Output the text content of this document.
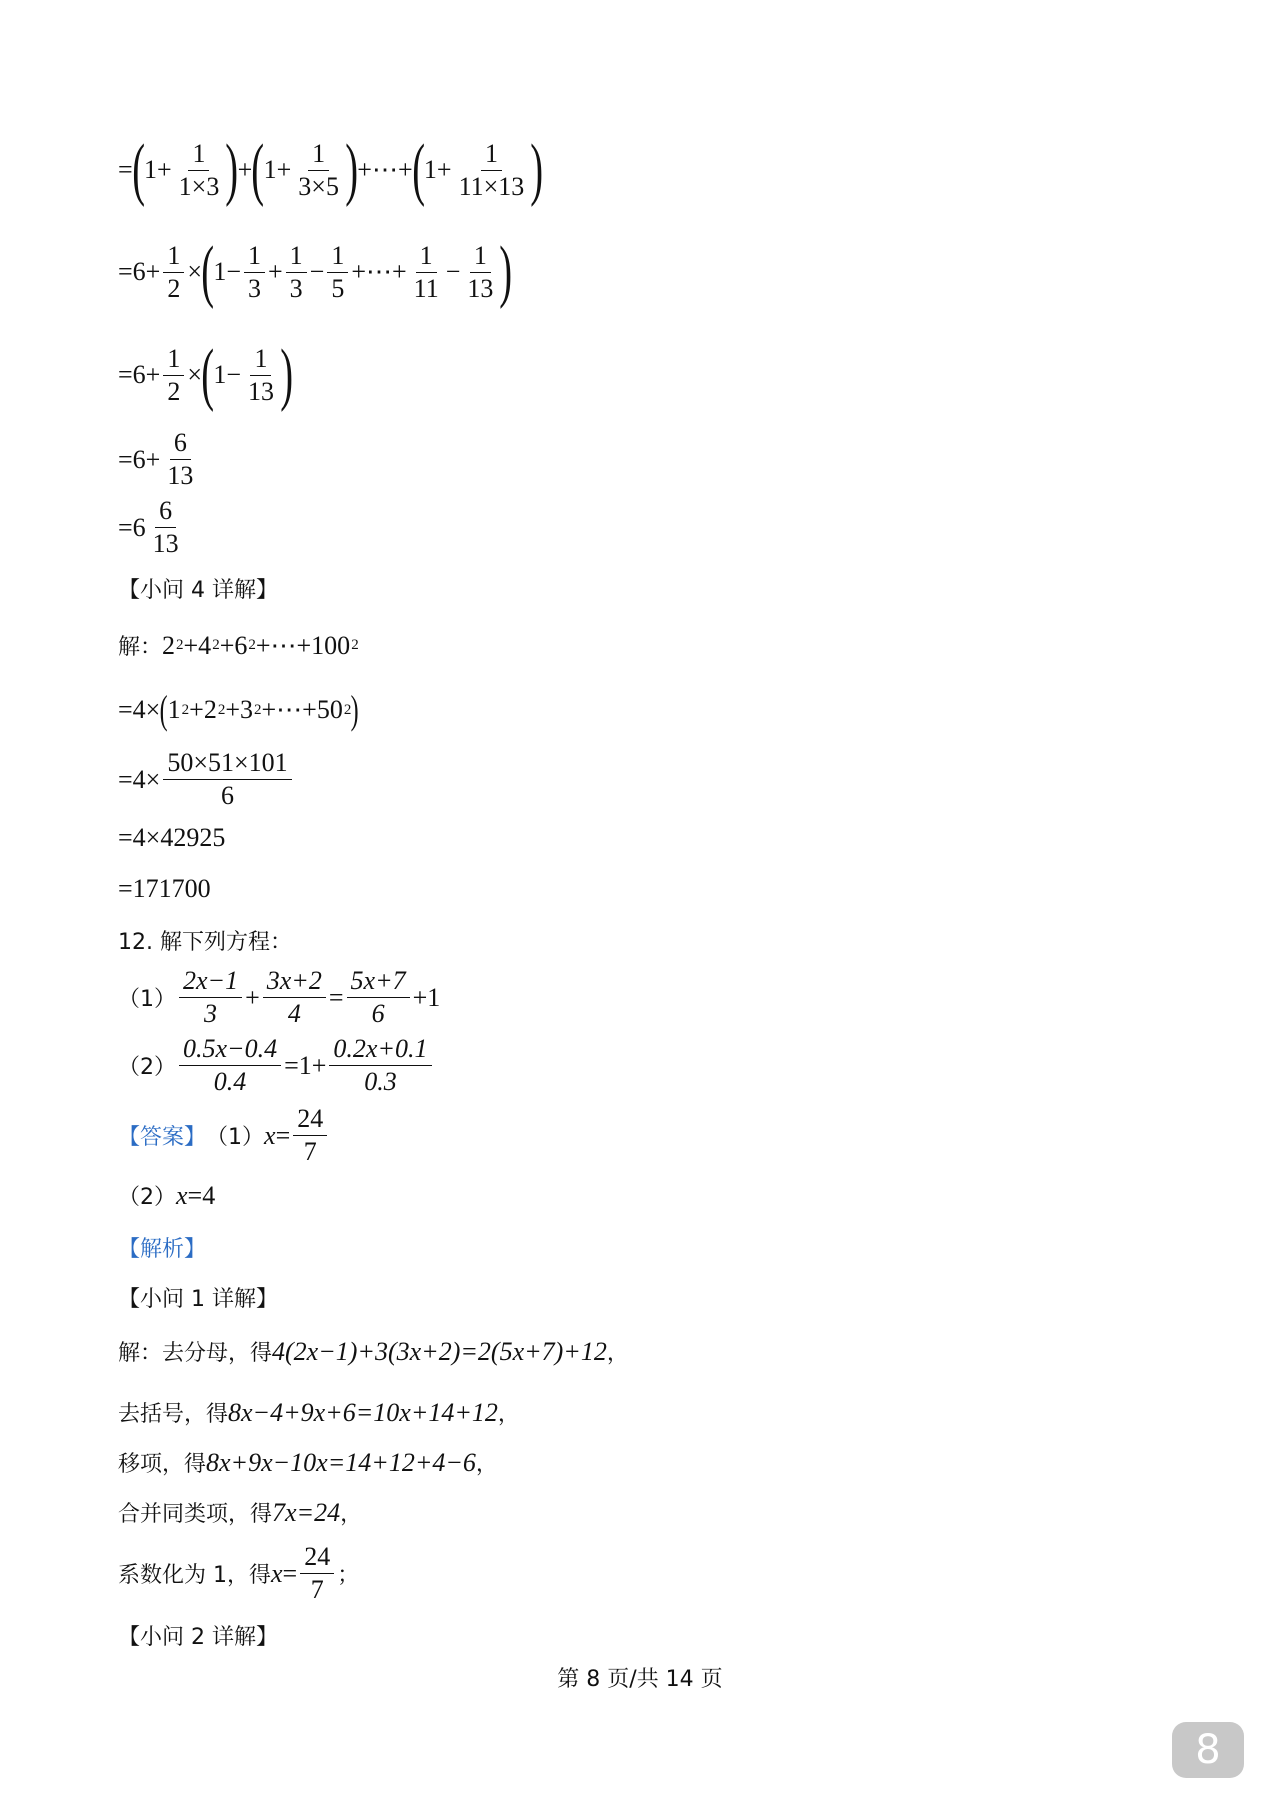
= ( $1+ \frac{1}{1\times 3}$ ) + ( $1+ \frac{1}{3\times 5}$ ) +⋯+ ( $1+ \frac{1}{11\times 13}$ )
$=6+ \frac{1}{2}$ × ( $1- \frac{1}{3} + \frac{1}{3} - \frac{1}{5}$ +⋯+ $\frac{1}{11} - \frac{1}{13}$ )
$=6+ \frac{1}{2}$ × ( $1- \frac{1}{13}$ )
$=6+ \frac{6}{13}$
$=6 \frac{6}{13}$
【小问 4 详解】
解： 2 2 +4 2 +6 2 +⋯+100 2
=4× ( 1 2 +2 2 +3 2 +⋯+50 2 )
$=4\times \frac{50\times 51\times 101}{6}$
=4×42925
=171700
12. 解下列方程：
$(1) \frac{2x-1}{3} + \frac{3x+2}{4} = \frac{5x+7}{6} +1$
$(2) \frac{0.5x-0.4}{0.4} =1+ \frac{0.2x+0.1}{0.3}$
【答案】 （1） $x = \frac{24}{7}$
（2） x =4
【解析】
【小问 1 详解】
解：去分母，得 4(2x−1)+3(3x+2)=2(5x+7)+12 ，
去括号，得 8x−4+9x+6=10x+14+12 ，
移项，得 8x+9x−10x=14+12+4−6 ，
合并同类项，得 7x=24 ，
系数化为 1，得 $x = \frac{24}{7}$ ；
【小问 2 详解】
第 8 页/共 14 页
8
